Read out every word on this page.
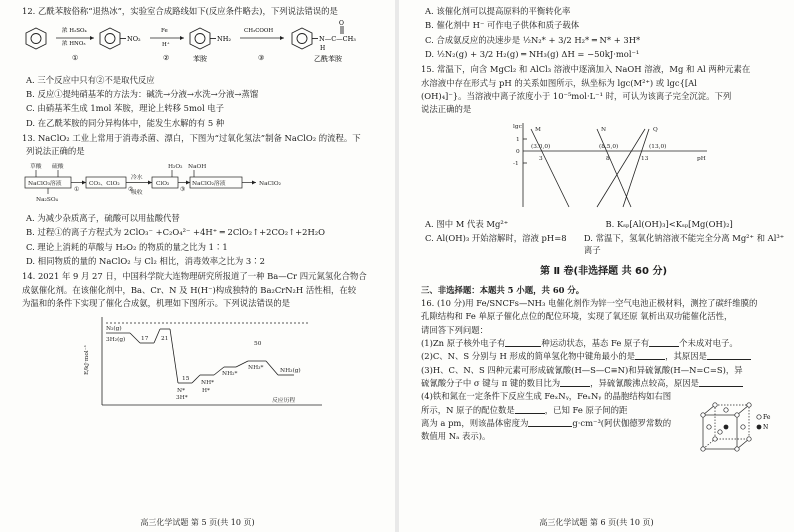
12. 乙酰苯胺俗称“退热冰”，实验室合成路线如下(反应条件略去)，下列说法错误的是
浓 H₂SO₄
浓 HNO₃
①
NO₂
Fe
H⁺
②
NH₂
苯胺
CH₃COOH
③
O
N—C—CH₃
H
乙酰苯胺
A. 三个反应中只有②不是取代反应
B. 反应①提纯硝基苯的方法为：碱洗→分液→水洗→分液→蒸馏
C. 由硝基苯生成 1mol 苯胺，理论上转移 5mol 电子
D. 在乙酰苯胺的同分异构体中，能发生水解的有 5 种
13. NaClO₂ 工业上常用于消毒杀菌、漂白，下图为“过氧化氢法”制备 NaClO₂ 的流程。下
列说法正确的是
草酸 硫酸	H₂O₂ NaOH
NaClO₃溶液
①
CO₂、ClO₂
②
冷水
吸收
ClO₂
③
NaClO₂溶液	NaClO₂
Na₂SO₄
A. 为减少杂质离子，硫酸可以用盐酸代替
B. 过程①的离子方程式为 2ClO₃⁻ +C₂O₄²⁻ +4H⁺ ═ 2ClO₂↑+2CO₂↑+2H₂O
C. 理论上消耗的草酸与 H₂O₂ 的物质的量之比为 1∶1
D. 相同物质的量的 NaClO₂ 与 Cl₂ 相比，消毒效率之比为 3∶2
14. 2021 年 9 月 27 日，中国科学院大连物理研究所报道了一种 Ba—Cr 四元氮氢化合物合
成氨催化剂。在该催化剂中，Ba、Cr、N 及 H(H⁻)构成独特的 Ba₂CrN₂H 活性相，在较
为温和的条件下实现了催化合成氨，机理如下图所示。下列说法错误的是
E/kJ·mol⁻¹
反应历程
N₂(g)
3H₂(g)	17 21
15
50
NH₃(g)
N*
3H*
NH*
H*
NH₂*
NH₃*
高三化学试题 第 5 页(共 10 页)
A. 该催化剂可以提高原料的平衡转化率
B. 催化剂中 H⁻ 可作电子供体和质子载体
C. 合成氨反应的决速步是 ½N₂* + 3/2 H₂* ═ N* + 3H*
D. ½N₂(g) + 3/2 H₂(g) ═ NH₃(g) ΔH = −50kJ·mol⁻¹
15. 常温下，向含 MgCl₂ 和 AlCl₃ 溶液中逐滴加入 NaOH 溶液，Mg 和 Al 两种元素在
水溶液中存在形式与 pH 的关系如图所示，纵坐标为 lgc(M²⁺) 或 lgc{[Al
(OH)₄]⁻}。当溶液中离子浓度小于 10⁻⁵mol·L⁻¹ 时，可认为该离子完全沉淀。下列
说法正确的是
lgc
pH
1
0
-1
M	N	Q
(3.0,0)	(8.5,0)	(13,0)
3	8	13
A. 图中 M 代表 Mg²⁺	B. Kₛₚ[Al(OH)₃]<Kₛₚ[Mg(OH)₂]
C. Al(OH)₃ 开始溶解时，溶液 pH=8	D. 常温下，氢氧化钠溶液不能完全分离 Mg²⁺ 和 Al³⁺ 离子
第 Ⅱ 卷(非选择题 共 60 分)
三、非选择题：本题共 5 小题，共 60 分。
16. (10 分)用 Fe/SNCFs—NH₃ 电催化剂作为锌一空气电池正极材料，测控了碳纤维膜的
孔隙结构和 Fe 单原子催化点位的配位环境，实现了氧还原 氧析出双功能催化活性，
请回答下列问题：
(1)Zn 原子核外电子有	种运动状态，基态 Fe 原子有	个未成对电子。
(2)C、N、S 分别与 H 形成的简单氢化物中键角最小的是	，其原因是
(3)H、C、N、S 四种元素可形成硫氰酸(H—S—C≡N)和异硫氰酸(H—N=C=S)，异
硫氰酸分子中 σ 键与 π 键的数目比为	，异硫氰酸沸点较高，原因是
(4)铁和氮在一定条件下反应生成 FeₓNᵧ，FeₓNᵧ 的晶胞结构如右图
所示，N 原子的配位数是	，已知 Fe 原子间的距
离为 a pm，则该晶体密度为	g·cm⁻³(阿伏伽德罗常数的
数值用 Nₐ 表示)。
Fe
N
高三化学试题 第 6 页(共 10 页)
